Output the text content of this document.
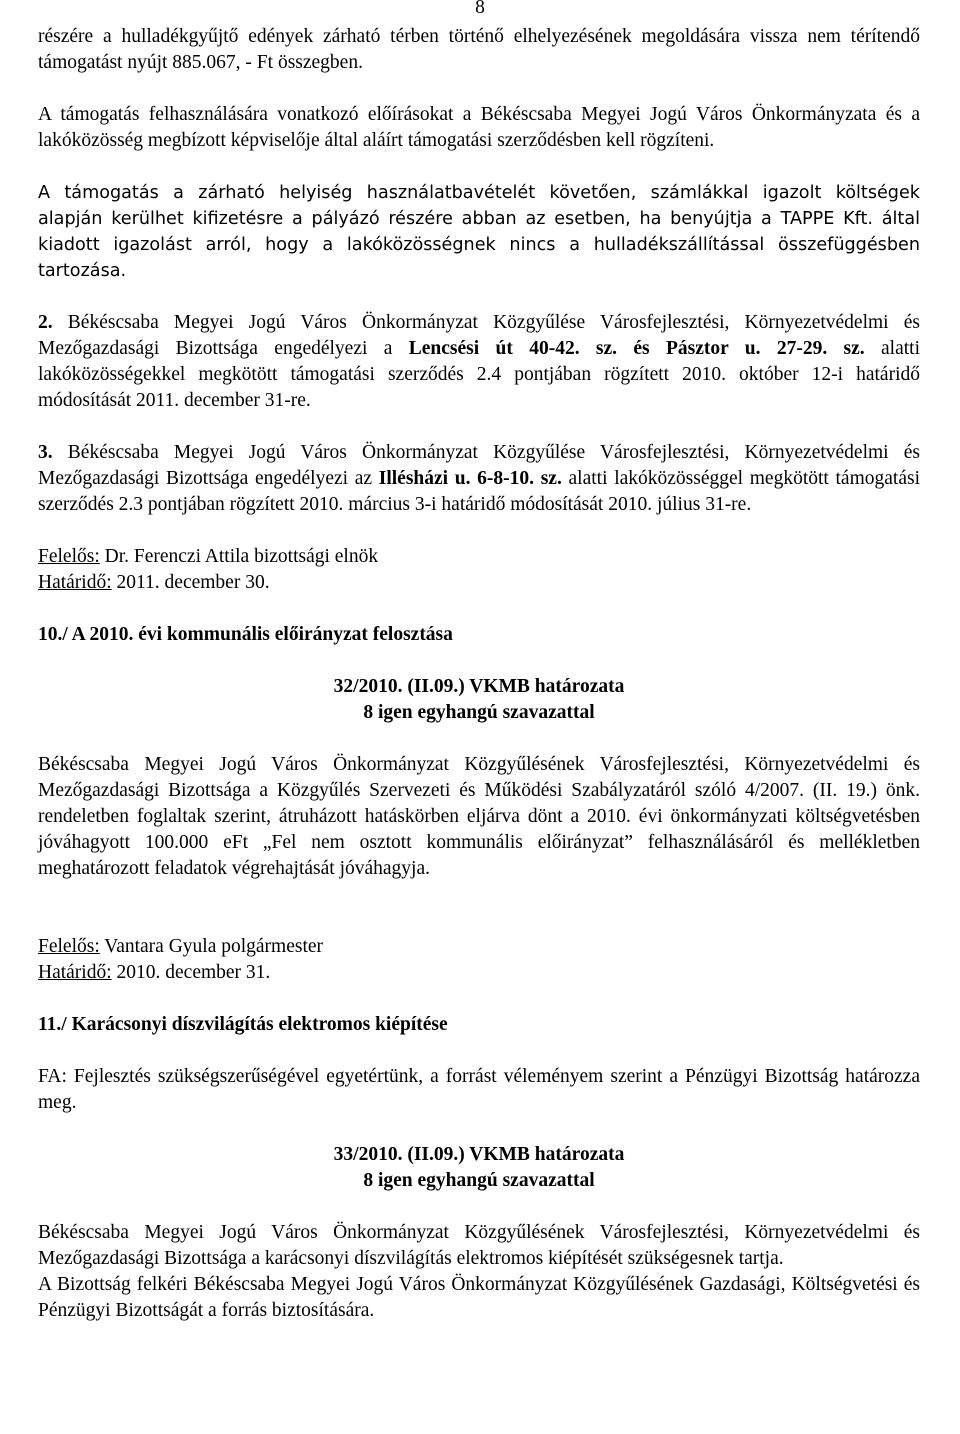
8

részére a hulladékgyűjtő edények zárható térben történő elhelyezésének megoldására vissza nem térítendő támogatást nyújt 885.067, - Ft összegben.

A támogatás felhasználására vonatkozó előírásokat a Békéscsaba Megyei Jogú Város Önkormányzata és a lakóközösség megbízott képviselője által aláírt támogatási szerződésben kell rögzíteni.

A támogatás a zárható helyiség használatbavételét követően, számlákkal igazolt költségek alapján kerülhet kifizetésre a pályázó részére abban az esetben, ha benyújtja a TAPPE Kft. által kiadott igazolást arról, hogy a lakóközösségnek nincs a hulladékszállítással összefüggésben tartozása.

2. Békéscsaba Megyei Jogú Város Önkormányzat Közgyűlése Városfejlesztési, Környezetvédelmi és Mezőgazdasági Bizottsága engedélyezi a Lencsési út 40-42. sz. és Pásztor u. 27-29. sz. alatti lakóközösségekkel megkötött támogatási szerződés 2.4 pontjában rögzített 2010. október 12-i határidő módosítását 2011. december 31-re.

3. Békéscsaba Megyei Jogú Város Önkormányzat Közgyűlése Városfejlesztési, Környezetvédelmi és Mezőgazdasági Bizottsága engedélyezi az Illésházi u. 6-8-10. sz. alatti lakóközösséggel megkötött támogatási szerződés 2.3 pontjában rögzített 2010. március 3-i határidő módosítását 2010. július 31-re.

Felelős: Dr. Ferenczi Attila bizottsági elnök

Határidő: 2011. december 30.

10./ A 2010. évi kommunális előirányzat felosztása

32/2010. (II.09.) VKMB határozata

8 igen egyhangú szavazattal

Békéscsaba Megyei Jogú Város Önkormányzat Közgyűlésének Városfejlesztési, Környezetvédelmi és Mezőgazdasági Bizottsága a Közgyűlés Szervezeti és Működési Szabályzatáról szóló 4/2007. (II. 19.) önk. rendeletben foglaltak szerint, átruházott hatáskörben eljárva dönt a 2010. évi önkormányzati költségvetésben jóváhagyott 100.000 eFt „Fel nem osztott kommunális előirányzat” felhasználásáról és mellékletben meghatározott feladatok végrehajtását jóváhagyja.

Felelős: Vantara Gyula polgármester

Határidő: 2010. december 31.

11./ Karácsonyi díszvilágítás elektromos kiépítése

FA: Fejlesztés szükségszerűségével egyetértünk, a forrást véleményem szerint a Pénzügyi Bizottság határozza meg.

33/2010. (II.09.) VKMB határozata

8 igen egyhangú szavazattal

Békéscsaba Megyei Jogú Város Önkormányzat Közgyűlésének Városfejlesztési, Környezetvédelmi és Mezőgazdasági Bizottsága a karácsonyi díszvilágítás elektromos kiépítését szükségesnek tartja.

A Bizottság felkéri Békéscsaba Megyei Jogú Város Önkormányzat Közgyűlésének Gazdasági, Költségvetési és Pénzügyi Bizottságát a forrás biztosítására.
